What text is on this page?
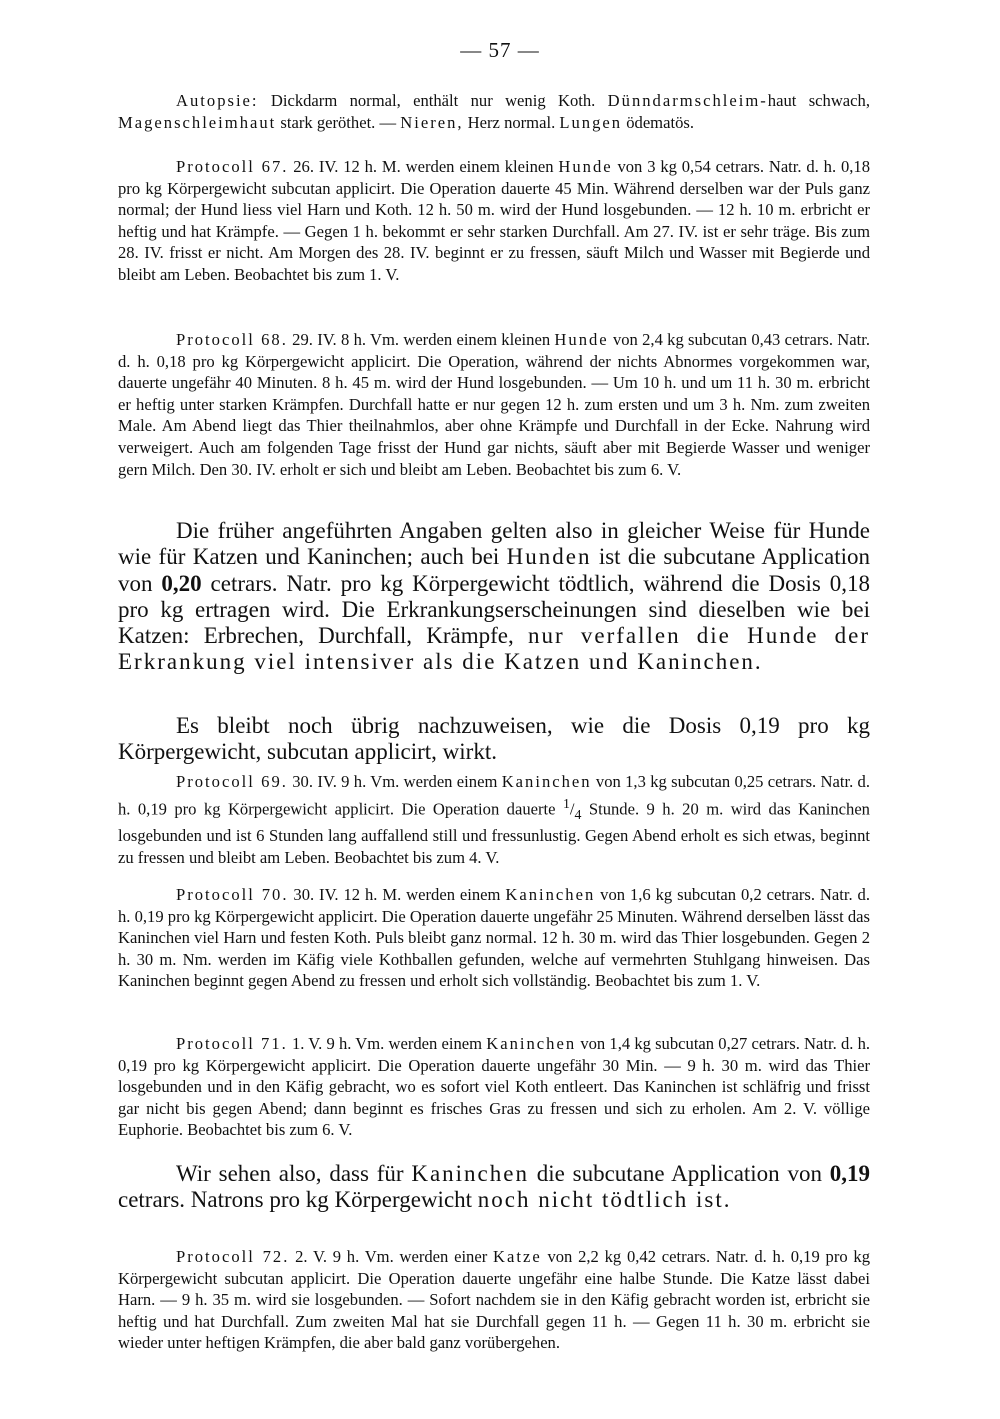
— 57 —

Autopsie: Dickdarm normal, enthält nur wenig Koth. Dünndarmschleim-haut schwach, Magenschleimhaut stark geröthet. — Nieren, Herz normal. Lungen ödematös.

Protocoll 67. 26. IV. 12 h. M. werden einem kleinen Hunde von 3 kg 0,54 cetrars. Natr. d. h. 0,18 pro kg Körpergewicht subcutan applicirt. Die Operation dauerte 45 Min. Während derselben war der Puls ganz normal; der Hund liess viel Harn und Koth. 12 h. 50 m. wird der Hund losgebunden. — 12 h. 10 m. erbricht er heftig und hat Krämpfe. — Gegen 1 h. bekommt er sehr starken Durchfall. Am 27. IV. ist er sehr träge. Bis zum 28. IV. frisst er nicht. Am Morgen des 28. IV. beginnt er zu fressen, säuft Milch und Wasser mit Begierde und bleibt am Leben. Beobachtet bis zum 1. V.

Protocoll 68. 29. IV. 8 h. Vm. werden einem kleinen Hunde von 2,4 kg subcutan 0,43 cetrars. Natr. d. h. 0,18 pro kg Körpergewicht applicirt. Die Operation, während der nichts Abnormes vorgekommen war, dauerte ungefähr 40 Minuten. 8 h. 45 m. wird der Hund losgebunden. — Um 10 h. und um 11 h. 30 m. erbricht er heftig unter starken Krämpfen. Durchfall hatte er nur gegen 12 h. zum ersten und um 3 h. Nm. zum zweiten Male. Am Abend liegt das Thier theilnahmlos, aber ohne Krämpfe und Durchfall in der Ecke. Nahrung wird verweigert. Auch am folgenden Tage frisst der Hund gar nichts, säuft aber mit Begierde Wasser und weniger gern Milch. Den 30. IV. erholt er sich und bleibt am Leben. Beobachtet bis zum 6. V.

Die früher angeführten Angaben gelten also in gleicher Weise für Hunde wie für Katzen und Kaninchen; auch bei Hunden ist die subcutane Application von 0,20 cetrars. Natr. pro kg Körpergewicht tödtlich, während die Dosis 0,18 pro kg ertragen wird. Die Erkrankungserscheinungen sind dieselben wie bei Katzen: Erbrechen, Durchfall, Krämpfe, nur verfallen die Hunde der Erkrankung viel intensiver als die Katzen und Kaninchen.

Es bleibt noch übrig nachzuweisen, wie die Dosis 0,19 pro kg Körpergewicht, subcutan applicirt, wirkt.

Protocoll 69. 30. IV. 9 h. Vm. werden einem Kaninchen von 1,3 kg subcutan 0,25 cetrars. Natr. d. h. 0,19 pro kg Körpergewicht applicirt. Die Operation dauerte $^1/_4$ Stunde. 9 h. 20 m. wird das Kaninchen losgebunden und ist 6 Stunden lang auffallend still und fressunlustig. Gegen Abend erholt es sich etwas, beginnt zu fressen und bleibt am Leben. Beobachtet bis zum 4. V.

Protocoll 70. 30. IV. 12 h. M. werden einem Kaninchen von 1,6 kg subcutan 0,2 cetrars. Natr. d. h. 0,19 pro kg Körpergewicht applicirt. Die Operation dauerte ungefähr 25 Minuten. Während derselben lässt das Kaninchen viel Harn und festen Koth. Puls bleibt ganz normal. 12 h. 30 m. wird das Thier losgebunden. Gegen 2 h. 30 m. Nm. werden im Käfig viele Kothballen gefunden, welche auf vermehrten Stuhlgang hinweisen. Das Kaninchen beginnt gegen Abend zu fressen und erholt sich vollständig. Beobachtet bis zum 1. V.

Protocoll 71. 1. V. 9 h. Vm. werden einem Kaninchen von 1,4 kg subcutan 0,27 cetrars. Natr. d. h. 0,19 pro kg Körpergewicht applicirt. Die Operation dauerte ungefähr 30 Min. — 9 h. 30 m. wird das Thier losgebunden und in den Käfig gebracht, wo es sofort viel Koth entleert. Das Kaninchen ist schläfrig und frisst gar nicht bis gegen Abend; dann beginnt es frisches Gras zu fressen und sich zu erholen. Am 2. V. völlige Euphorie. Beobachtet bis zum 6. V.

Wir sehen also, dass für Kaninchen die subcutane Application von 0,19 cetrars. Natrons pro kg Körpergewicht noch nicht tödtlich ist.

Protocoll 72. 2. V. 9 h. Vm. werden einer Katze von 2,2 kg 0,42 cetrars. Natr. d. h. 0,19 pro kg Körpergewicht subcutan applicirt. Die Operation dauerte ungefähr eine halbe Stunde. Die Katze lässt dabei Harn. — 9 h. 35 m. wird sie losgebunden. — Sofort nachdem sie in den Käfig gebracht worden ist, erbricht sie heftig und hat Durchfall. Zum zweiten Mal hat sie Durchfall gegen 11 h. — Gegen 11 h. 30 m. erbricht sie wieder unter heftigen Krämpfen, die aber bald ganz vorübergehen.
